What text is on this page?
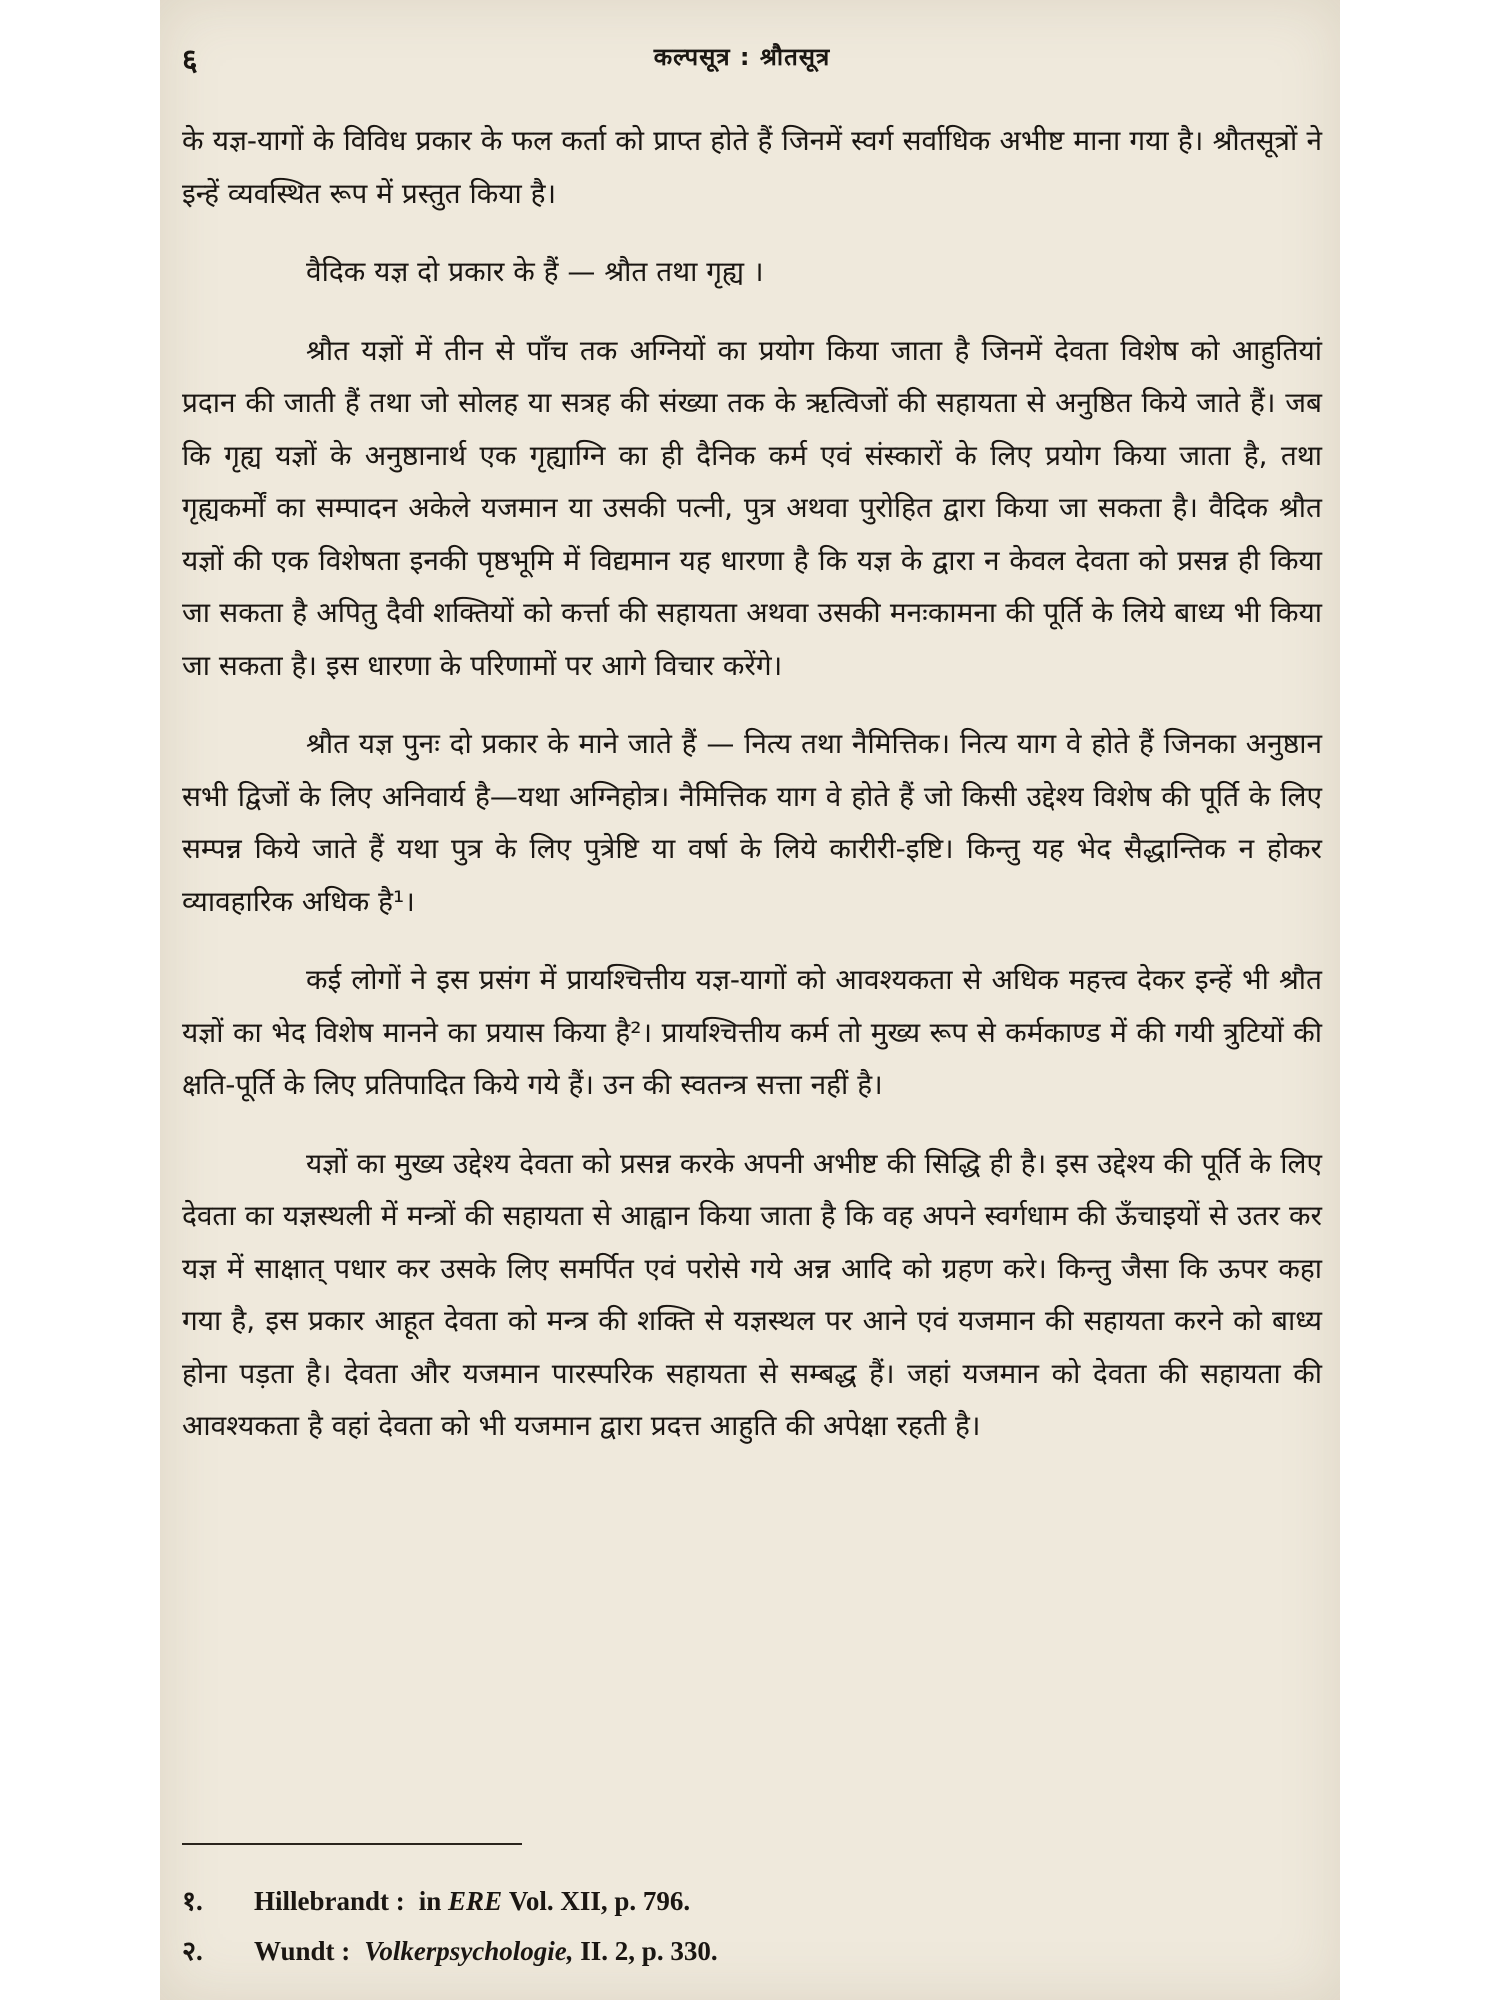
६	कल्पसूत्र : श्रौतसूत्र

के यज्ञ-यागों के विविध प्रकार के फल कर्ता को प्राप्त होते हैं जिनमें स्वर्ग सर्वाधिक अभीष्ट माना गया है। श्रौतसूत्रों ने इन्हें व्यवस्थित रूप में प्रस्तुत किया है।

वैदिक यज्ञ दो प्रकार के हैं — श्रौत तथा गृह्य ।

श्रौत यज्ञों में तीन से पाँच तक अग्नियों का प्रयोग किया जाता है जिनमें देवता विशेष को आहुतियां प्रदान की जाती हैं तथा जो सोलह या सत्रह की संख्या तक के ऋत्विजों की सहायता से अनुष्ठित किये जाते हैं। जब कि गृह्य यज्ञों के अनुष्ठानार्थ एक गृह्याग्नि का ही दैनिक कर्म एवं संस्कारों के लिए प्रयोग किया जाता है, तथा गृह्यकर्मों का सम्पादन अकेले यजमान या उसकी पत्नी, पुत्र अथवा पुरोहित द्वारा किया जा सकता है। वैदिक श्रौत यज्ञों की एक विशेषता इनकी पृष्ठभूमि में विद्यमान यह धारणा है कि यज्ञ के द्वारा न केवल देवता को प्रसन्न ही किया जा सकता है अपितु दैवी शक्तियों को कर्त्ता की सहायता अथवा उसकी मनःकामना की पूर्ति के लिये बाध्य भी किया जा सकता है। इस धारणा के परिणामों पर आगे विचार करेंगे।

श्रौत यज्ञ पुनः दो प्रकार के माने जाते हैं — नित्य तथा नैमित्तिक। नित्य याग वे होते हैं जिनका अनुष्ठान सभी द्विजों के लिए अनिवार्य है—यथा अग्निहोत्र। नैमित्तिक याग वे होते हैं जो किसी उद्देश्य विशेष की पूर्ति के लिए सम्पन्न किये जाते हैं यथा पुत्र के लिए पुत्रेष्टि या वर्षा के लिये कारीरी-इष्टि। किन्तु यह भेद सैद्धान्तिक न होकर व्यावहारिक अधिक है¹।

कई लोगों ने इस प्रसंग में प्रायश्चित्तीय यज्ञ-यागों को आवश्यकता से अधिक महत्त्व देकर इन्हें भी श्रौत यज्ञों का भेद विशेष मानने का प्रयास किया है²। प्रायश्चित्तीय कर्म तो मुख्य रूप से कर्मकाण्ड में की गयी त्रुटियों की क्षति-पूर्ति के लिए प्रतिपादित किये गये हैं। उन की स्वतन्त्र सत्ता नहीं है।

यज्ञों का मुख्य उद्देश्य देवता को प्रसन्न करके अपनी अभीष्ट की सिद्धि ही है। इस उद्देश्य की पूर्ति के लिए देवता का यज्ञस्थली में मन्त्रों की सहायता से आह्वान किया जाता है कि वह अपने स्वर्गधाम की ऊँचाइयों से उतर कर यज्ञ में साक्षात् पधार कर उसके लिए समर्पित एवं परोसे गये अन्न आदि को ग्रहण करे। किन्तु जैसा कि ऊपर कहा गया है, इस प्रकार आहूत देवता को मन्त्र की शक्ति से यज्ञस्थल पर आने एवं यजमान की सहायता करने को बाध्य होना पड़ता है। देवता और यजमान पारस्परिक सहायता से सम्बद्ध हैं। जहां यजमान को देवता की सहायता की आवश्यकता है वहां देवता को भी यजमान द्वारा प्रदत्त आहुति की अपेक्षा रहती है।

१.	Hillebrandt : in
ERE
Vol. XII, p. 796.
२.	Wundt : Volkerpsychologie,
II. 2, p. 330.
